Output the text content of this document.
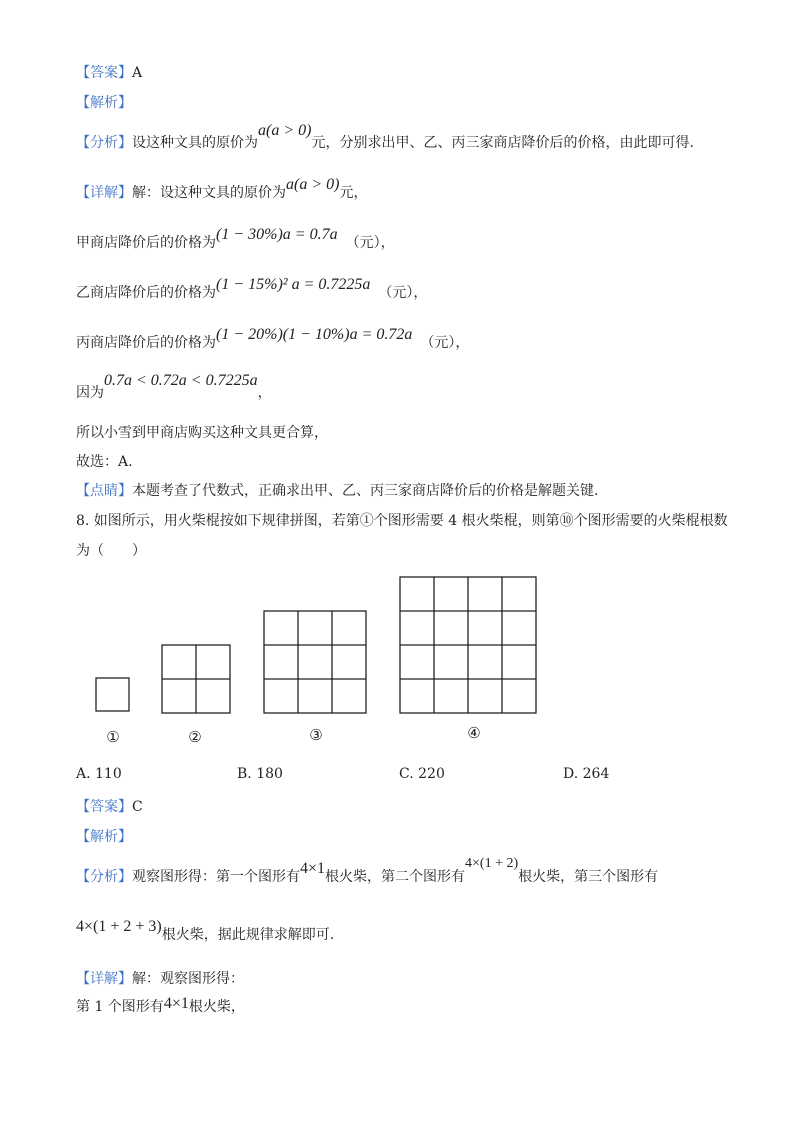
【答案】A
【解析】
【分析】设这种文具的原价为a(a > 0)元，分别求出甲、乙、丙三家商店降价后的价格，由此即可得.
【详解】解：设这种文具的原价为a(a > 0)元，
甲商店降价后的价格为(1 − 30%)a = 0.7a （元），
乙商店降价后的价格为(1 − 15%)² a = 0.7225a （元），
丙商店降价后的价格为(1 − 20%)(1 − 10%)a = 0.72a （元），
因为0.7a < 0.72a < 0.7225a，
所以小雪到甲商店购买这种文具更合算，
故选：A.
【点睛】本题考查了代数式，正确求出甲、乙、丙三家商店降价后的价格是解题关键.
8. 如图所示，用火柴棍按如下规律拼图，若第①个图形需要 4 根火柴棍，则第⑩个图形需要的火柴棍根数
为（　　）
①	②	③	④
A. 110	B. 180	C. 220	D. 264
【答案】C
【解析】
【分析】观察图形得：第一个图形有4×1根火柴，第二个图形有4×(1 + 2)根火柴，第三个图形有
4×(1 + 2 + 3)根火柴，据此规律求解即可.
【详解】解：观察图形得：
第 1 个图形有4×1根火柴，
